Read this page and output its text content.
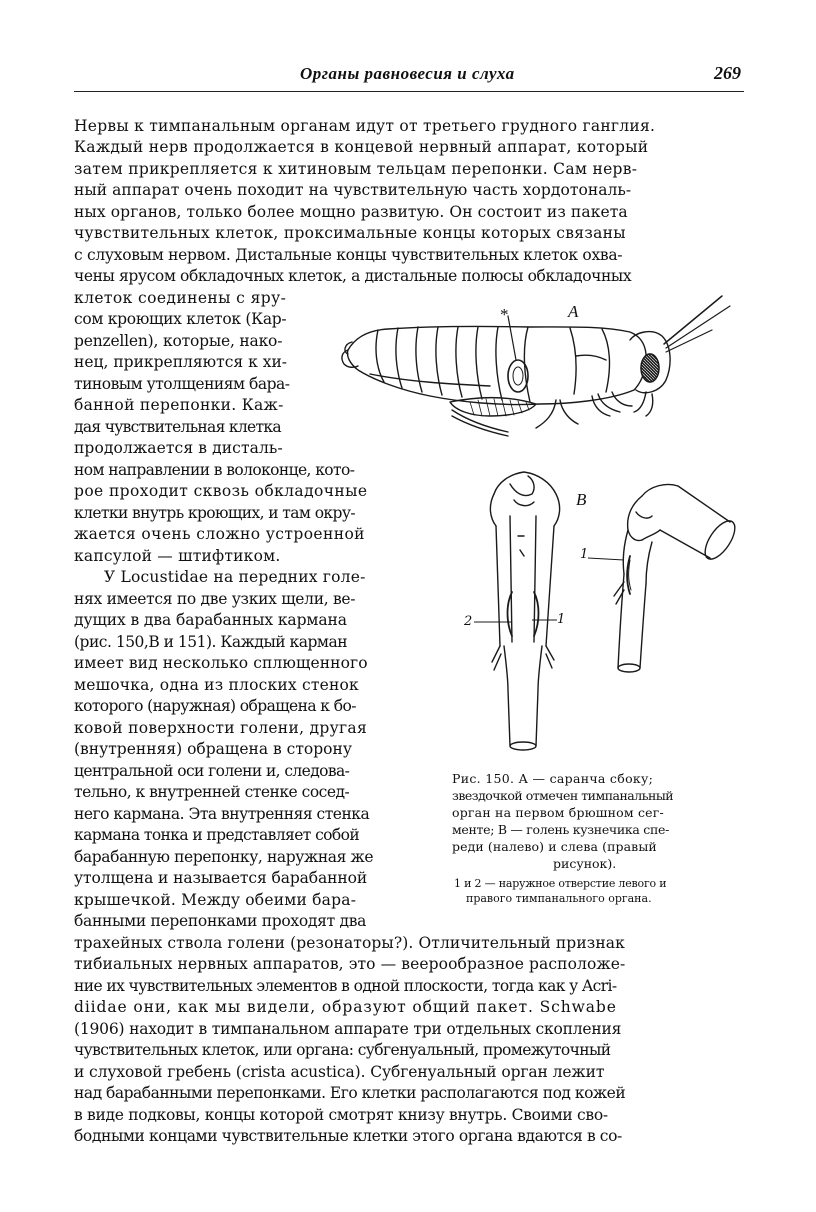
Органы равновесия и слуха	269
Нервы к тимпанальным органам идут от третьего грудного ганглия.
Каждый нерв продолжается в концевой нервный аппарат, который
затем прикрепляется к хитиновым тельцам перепонки. Сам нерв-
ный аппарат очень походит на чувствительную часть хордотональ-
ных органов, только более мощно развитую. Он состоит из пакета
чувствительных клеток, проксимальные концы которых связаны
с слуховым нервом. Дистальные концы чувствительных клеток охва-
чены ярусом обкладочных клеток, а дистальные полюсы обкладочных
клеток соединены с яру-
сом кроющих клеток (Кар-
penzellen), которые, нако-
нец, прикрепляются к хи-
тиновым утолщениям бара-
банной перепонки. Каж-
дая чувствительная клетка
продолжается в дисталь-
ном направлении в волоконце, кото-
рое проходит сквозь обкладочные
клетки внутрь кроющих, и там окру-
жается очень сложно устроенной
капсулой — штифтиком.
У Locustidae на передних голе-
нях имеется по две узких щели, ве-
дущих в два барабанных кармана
(рис. 150,В и 151). Каждый карман
имеет вид несколько сплющенного
мешочка, одна из плоских стенок
которого (наружная) обращена к бо-
ковой поверхности голени, другая
(внутренняя) обращена в сторону
центральной оси голени и, следова-
тельно, к внутренней стенке сосед-
него кармана. Эта внутренняя стенка
кармана тонка и представляет собой
барабанную перепонку, наружная же
утолщена и называется барабанной
крышечкой. Между обеими бара-
банными перепонками проходят два
трахейных ствола голени (резонаторы?). Отличительный признак
тибиальных нервных аппаратов, это — веерообразное расположе-
ние их чувствительных элементов в одной плоскости, тогда как у Acri-
diidae они, как мы видели, образуют общий пакет. Schwabe
(1906) находит в тимпанальном аппарате три отдельных скопления
чувствительных клеток, или органа: субгенуальный, промежуточный
и слуховой гребень (crista acustica). Субгенуальный орган лежит
над барабанными перепонками. Его клетки располагаются под кожей
в виде подковы, концы которой смотрят книзу внутрь. Своими сво-
бодными концами чувствительные клетки этого органа вдаются в со-
*	А
В
1
2	1
Рис. 150. А — саранча сбоку;
звездочкой отмечен тимпанальный
орган на первом брюшном сег-
менте; В — голень кузнечика спе-
реди (налево) и слева (правый
рисунок).
1 и 2 — наружное отверстие левого и
правого тимпанального органа.
